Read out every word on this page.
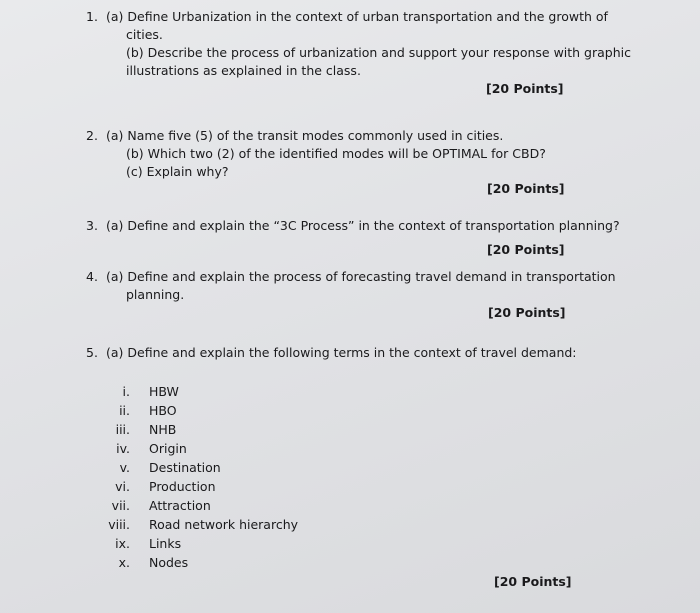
1. (a) Define Urbanization in the context of urban transportation and the growth of
cities.
(b) Describe the process of urbanization and support your response with graphic
illustrations as explained in the class.
[20 Points]
2. (a) Name five (5) of the transit modes commonly used in cities.
(b) Which two (2) of the identified modes will be OPTIMAL for CBD?
(c) Explain why?
[20 Points]
3. (a) Define and explain the “3C Process” in the context of transportation planning?
[20 Points]
4. (a) Define and explain the process of forecasting travel demand in transportation
planning.
[20 Points]
5. (a) Define and explain the following terms in the context of travel demand:
i. HBW
ii. HBO
iii. NHB
iv. Origin
v. Destination
vi. Production
vii. Attraction
viii. Road network hierarchy
ix. Links
x. Nodes
[20 Points]
